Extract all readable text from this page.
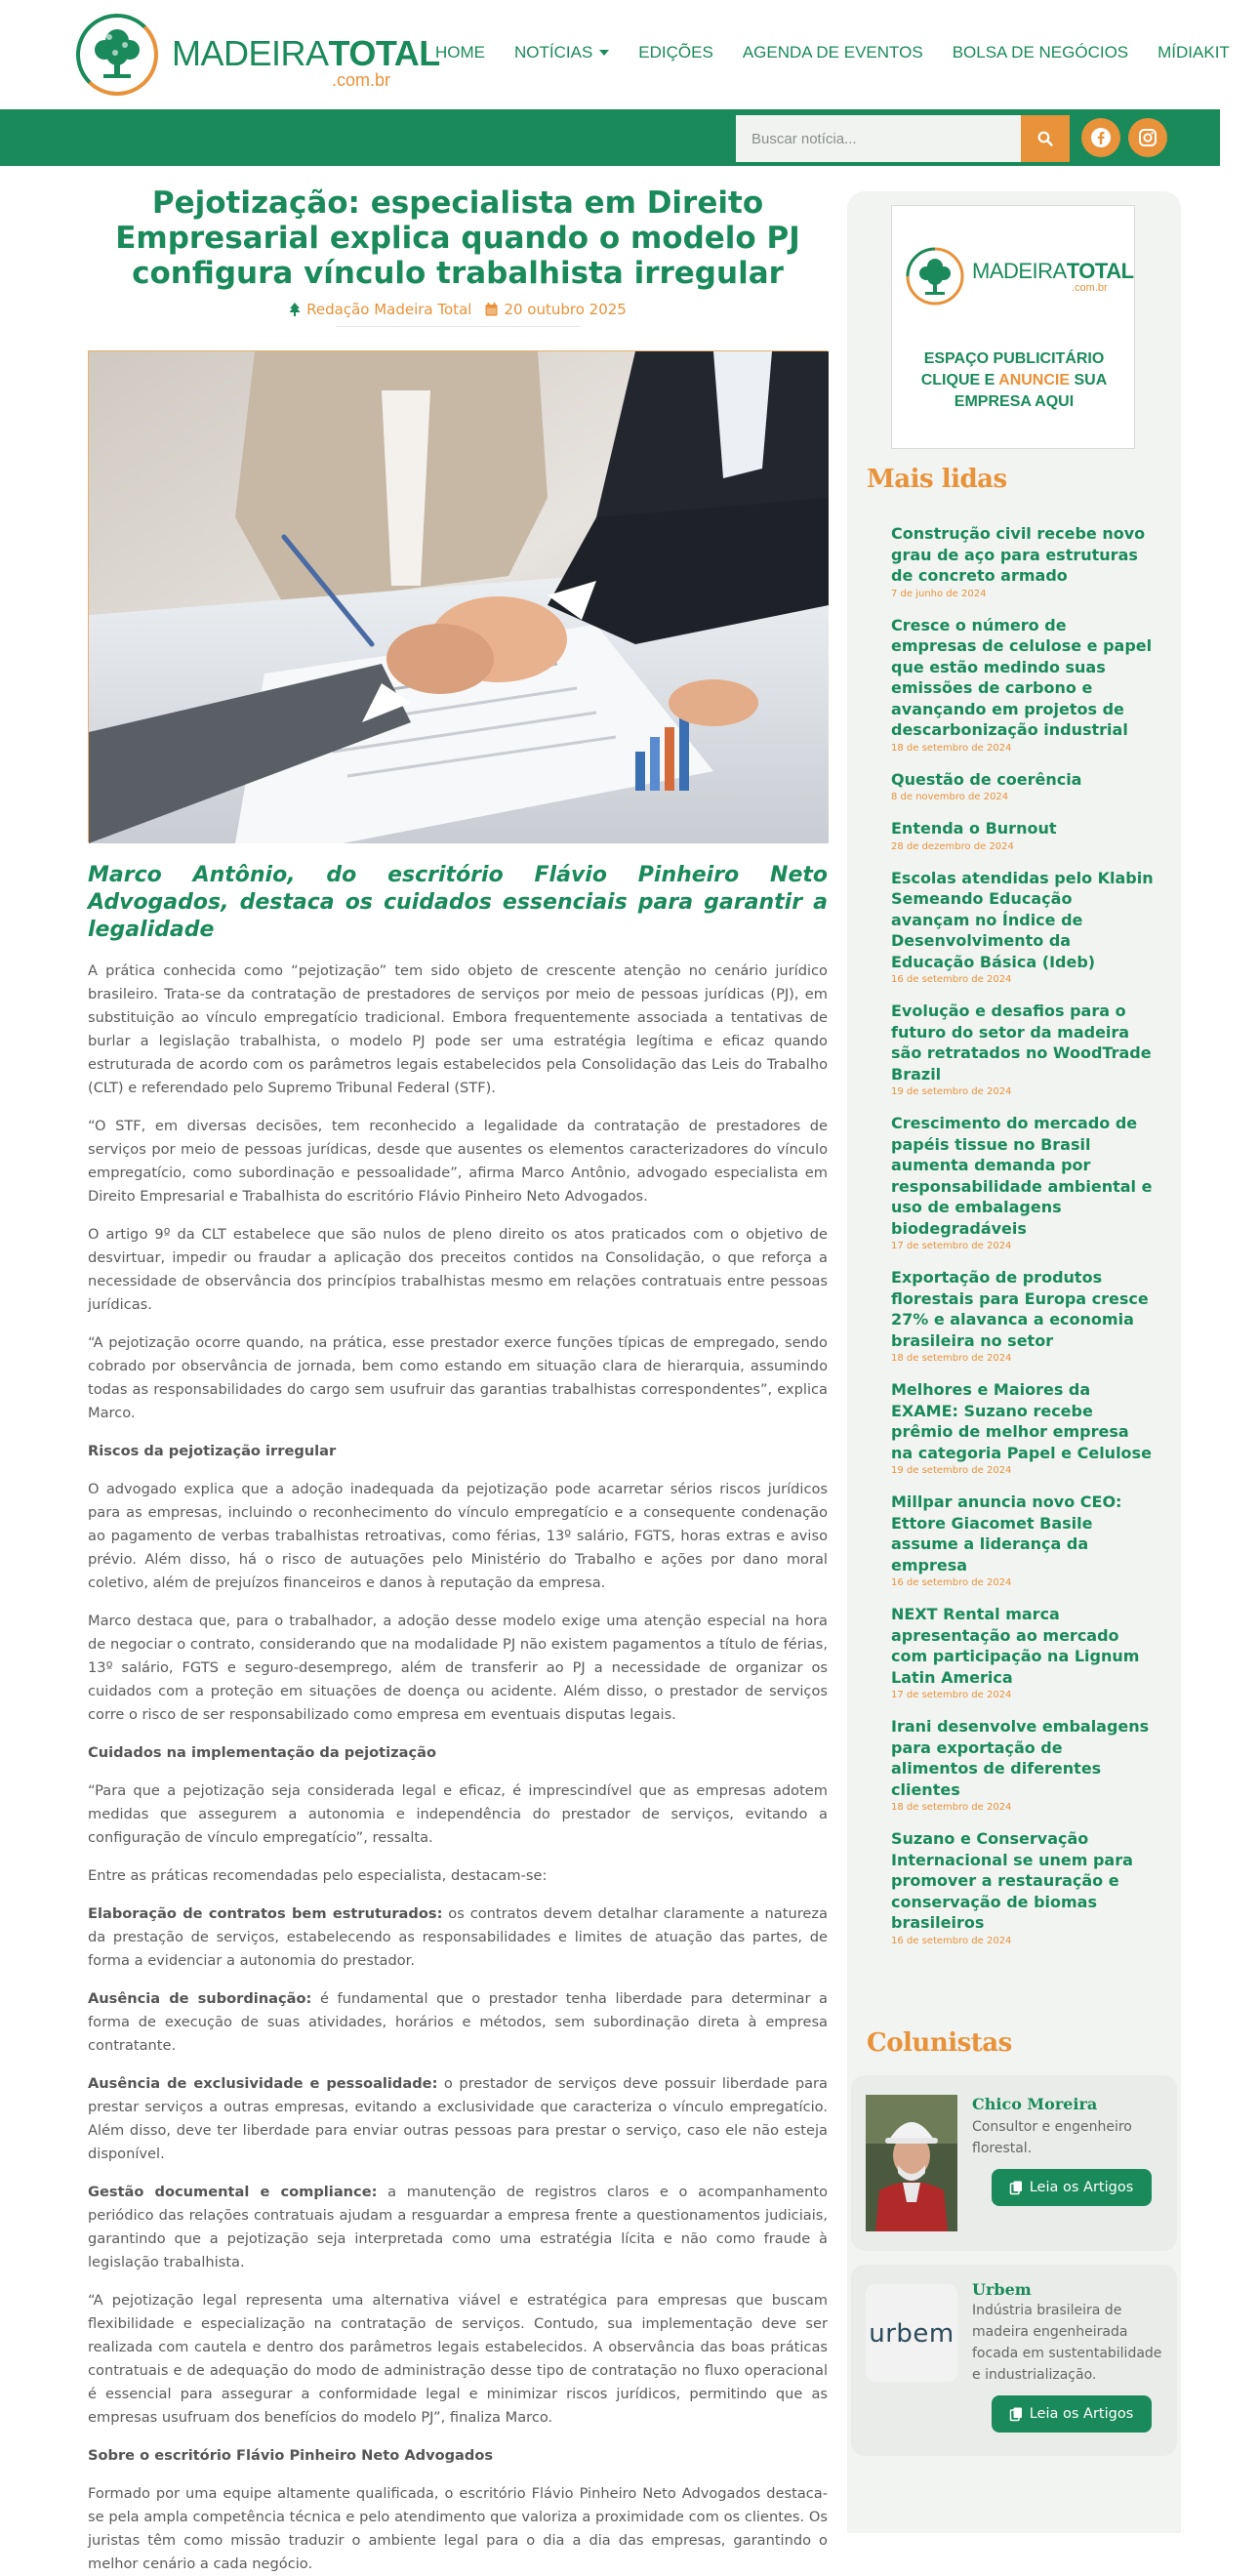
MADEIRATOTAL
.com.br
HOME NOTÍCIAS	EDIÇÕES AGENDA DE EVENTOS BOLSA DE NEGÓCIOS MÍDIAKIT
Buscar notícia...
Pejotização: especialista em Direito Empresarial explica quando o modelo PJ configura vínculo trabalhista irregular
Redação Madeira Total 20 outubro 2025
Marco Antônio, do escritório Flávio Pinheiro Neto Advogados, destaca os cuidados essenciais para garantir a legalidade

A prática conhecida como “pejotização” tem sido objeto de crescente atenção no cenário jurídico brasileiro. Trata-se da contratação de prestadores de serviços por meio de pessoas jurídicas (PJ), em substituição ao vínculo empregatício tradicional. Embora frequentemente associada a tentativas de burlar a legislação trabalhista, o modelo PJ pode ser uma estratégia legítima e eficaz quando estruturada de acordo com os parâmetros legais estabelecidos pela Consolidação das Leis do Trabalho (CLT) e referendado pelo Supremo Tribunal Federal (STF).

“O STF, em diversas decisões, tem reconhecido a legalidade da contratação de prestadores de serviços por meio de pessoas jurídicas, desde que ausentes os elementos caracterizadores do vínculo empregatício, como subordinação e pessoalidade”, afirma Marco Antônio, advogado especialista em Direito Empresarial e Trabalhista do escritório Flávio Pinheiro Neto Advogados.

O artigo 9º da CLT estabelece que são nulos de pleno direito os atos praticados com o objetivo de desvirtuar, impedir ou fraudar a aplicação dos preceitos contidos na Consolidação, o que reforça a necessidade de observância dos princípios trabalhistas mesmo em relações contratuais entre pessoas jurídicas.

“A pejotização ocorre quando, na prática, esse prestador exerce funções típicas de empregado, sendo cobrado por observância de jornada, bem como estando em situação clara de hierarquia, assumindo todas as responsabilidades do cargo sem usufruir das garantias trabalhistas correspondentes”, explica Marco.

Riscos da pejotização irregular

O advogado explica que a adoção inadequada da pejotização pode acarretar sérios riscos jurídicos para as empresas, incluindo o reconhecimento do vínculo empregatício e a consequente condenação ao pagamento de verbas trabalhistas retroativas, como férias, 13º salário, FGTS, horas extras e aviso prévio. Além disso, há o risco de autuações pelo Ministério do Trabalho e ações por dano moral coletivo, além de prejuízos financeiros e danos à reputação da empresa.

Marco destaca que, para o trabalhador, a adoção desse modelo exige uma atenção especial na hora de negociar o contrato, considerando que na modalidade PJ não existem pagamentos a título de férias, 13º salário, FGTS e seguro-desemprego, além de transferir ao PJ a necessidade de organizar os cuidados com a proteção em situações de doença ou acidente. Além disso, o prestador de serviços corre o risco de ser responsabilizado como empresa em eventuais disputas legais.

Cuidados na implementação da pejotização

“Para que a pejotização seja considerada legal e eficaz, é imprescindível que as empresas adotem medidas que assegurem a autonomia e independência do prestador de serviços, evitando a configuração de vínculo empregatício”, ressalta.

Entre as práticas recomendadas pelo especialista, destacam-se:

Elaboração de contratos bem estruturados: os contratos devem detalhar claramente a natureza da prestação de serviços, estabelecendo as responsabilidades e limites de atuação das partes, de forma a evidenciar a autonomia do prestador.

Ausência de subordinação: é fundamental que o prestador tenha liberdade para determinar a forma de execução de suas atividades, horários e métodos, sem subordinação direta à empresa contratante.

Ausência de exclusividade e pessoalidade: o prestador de serviços deve possuir liberdade para prestar serviços a outras empresas, evitando a exclusividade que caracteriza o vínculo empregatício. Além disso, deve ter liberdade para enviar outras pessoas para prestar o serviço, caso ele não esteja disponível.

Gestão documental e compliance: a manutenção de registros claros e o acompanhamento periódico das relações contratuais ajudam a resguardar a empresa frente a questionamentos judiciais, garantindo que a pejotização seja interpretada como uma estratégia lícita e não como fraude à legislação trabalhista.

“A pejotização legal representa uma alternativa viável e estratégica para empresas que buscam flexibilidade e especialização na contratação de serviços. Contudo, sua implementação deve ser realizada com cautela e dentro dos parâmetros legais estabelecidos. A observância das boas práticas contratuais e de adequação do modo de administração desse tipo de contratação no fluxo operacional é essencial para assegurar a conformidade legal e minimizar riscos jurídicos, permitindo que as empresas usufruam dos benefícios do modelo PJ”, finaliza Marco.

Sobre o escritório Flávio Pinheiro Neto Advogados

Formado por uma equipe altamente qualificada, o escritório Flávio Pinheiro Neto Advogados destaca-se pela ampla competência técnica e pelo atendimento que valoriza a proximidade com os clientes. Os juristas têm como missão traduzir o ambiente legal para o dia a dia das empresas, garantindo o melhor cenário a cada negócio.

MADEIRATOTAL
.com.br
ESPAÇO PUBLICITÁRIO
CLIQUE E ANUNCIE SUA
EMPRESA AQUI
Mais lidas
Construção civil recebe novo grau de aço para estruturas de concreto armado
7 de junho de 2024
Cresce o número de empresas de celulose e papel que estão medindo suas emissões de carbono e avançando em projetos de descarbonização industrial
18 de setembro de 2024
Questão de coerência
8 de novembro de 2024
Entenda o Burnout
28 de dezembro de 2024
Escolas atendidas pelo Klabin Semeando Educação avançam no Índice de Desenvolvimento da Educação Básica (Ideb)
16 de setembro de 2024
Evolução e desafios para o futuro do setor da madeira são retratados no WoodTrade Brazil
19 de setembro de 2024
Crescimento do mercado de papéis tissue no Brasil aumenta demanda por responsabilidade ambiental e uso de embalagens biodegradáveis
17 de setembro de 2024
Exportação de produtos florestais para Europa cresce 27% e alavanca a economia brasileira no setor
18 de setembro de 2024
Melhores e Maiores da EXAME: Suzano recebe prêmio de melhor empresa na categoria Papel e Celulose
19 de setembro de 2024
Millpar anuncia novo CEO: Ettore Giacomet Basile assume a liderança da empresa
16 de setembro de 2024
NEXT Rental marca apresentação ao mercado com participação na Lignum Latin America
17 de setembro de 2024
Irani desenvolve embalagens para exportação de alimentos de diferentes clientes
18 de setembro de 2024
Suzano e Conservação Internacional se unem para promover a restauração e conservação de biomas brasileiros
16 de setembro de 2024
Colunistas
Chico Moreira
Consultor e engenheiro florestal.
Leia os Artigos
urbem
Urbem
Indústria brasileira de madeira engenheirada focada em sustentabilidade e industrialização.
Leia os Artigos
